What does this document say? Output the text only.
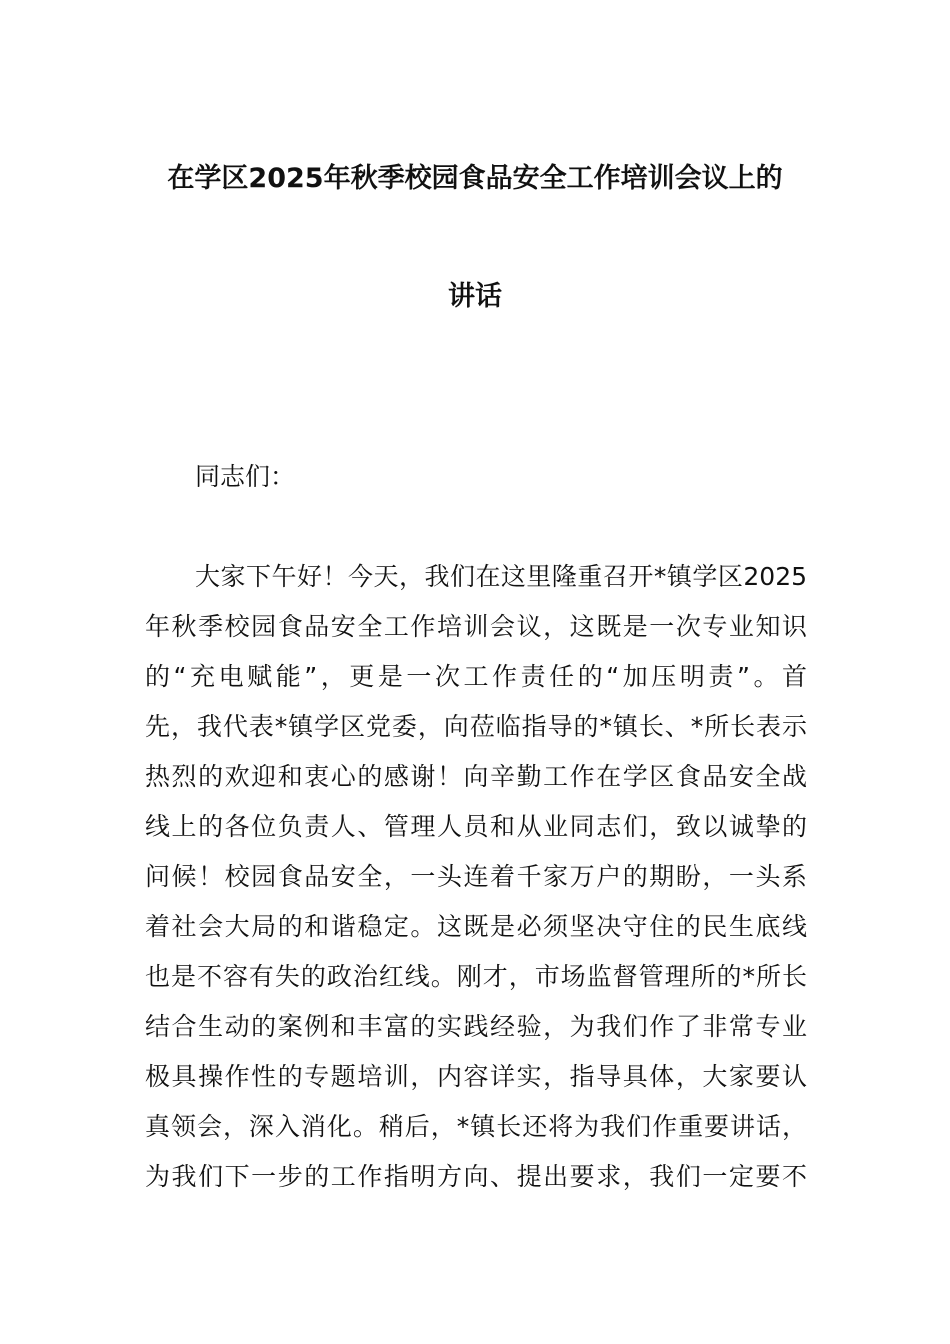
在学区2025年秋季校园食品安全工作培训会议上的
讲话
同志们：
大家下午好！今天，我们在这里隆重召开*镇学区2025
年秋季校园食品安全工作培训会议，这既是一次专业知识
的“充电赋能”，更是一次工作责任的“加压明责”。首
先，我代表*镇学区党委，向莅临指导的*镇长、*所长表示
热烈的欢迎和衷心的感谢！向辛勤工作在学区食品安全战
线上的各位负责人、管理人员和从业同志们，致以诚挚的
问候！校园食品安全，一头连着千家万户的期盼，一头系
着社会大局的和谐稳定。这既是必须坚决守住的民生底线
也是不容有失的政治红线。刚才，市场监督管理所的*所长
结合生动的案例和丰富的实践经验，为我们作了非常专业
极具操作性的专题培训，内容详实，指导具体，大家要认
真领会，深入消化。稍后，*镇长还将为我们作重要讲话，
为我们下一步的工作指明方向、提出要求，我们一定要不
